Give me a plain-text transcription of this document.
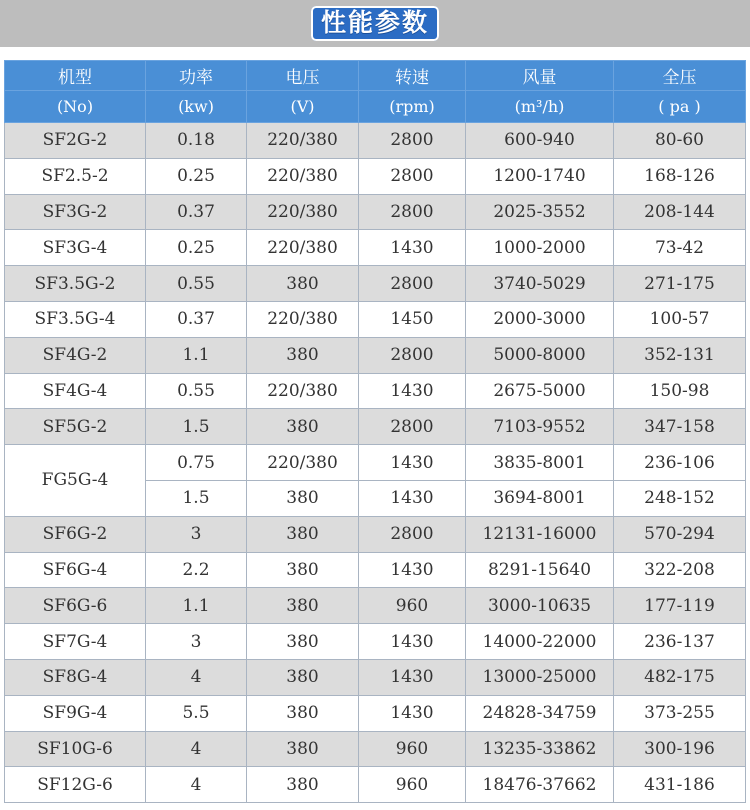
性能参数
机型	功率	电压	转速	风量	全压
(No)	(kw)	(V)	(rpm)	(m³/h)	( pa )
SF2G-2	0.18	220/380	2800	600-940	80-60
SF2.5-2	0.25	220/380	2800	1200-1740	168-126
SF3G-2	0.37	220/380	2800	2025-3552	208-144
SF3G-4	0.25	220/380	1430	1000-2000	73-42
SF3.5G-2	0.55	380	2800	3740-5029	271-175
SF3.5G-4	0.37	220/380	1450	2000-3000	100-57
SF4G-2	1.1	380	2800	5000-8000	352-131
SF4G-4	0.55	220/380	1430	2675-5000	150-98
SF5G-2	1.5	380	2800	7103-9552	347-158
FG5G-4	0.75	220/380	1430	3835-8001	236-106
	1.5	380	1430	3694-8001	248-152
SF6G-2	3	380	2800	12131-16000	570-294
SF6G-4	2.2	380	1430	8291-15640	322-208
SF6G-6	1.1	380	960	3000-10635	177-119
SF7G-4	3	380	1430	14000-22000	236-137
SF8G-4	4	380	1430	13000-25000	482-175
SF9G-4	5.5	380	1430	24828-34759	373-255
SF10G-6	4	380	960	13235-33862	300-196
SF12G-6	4	380	960	18476-37662	431-186
